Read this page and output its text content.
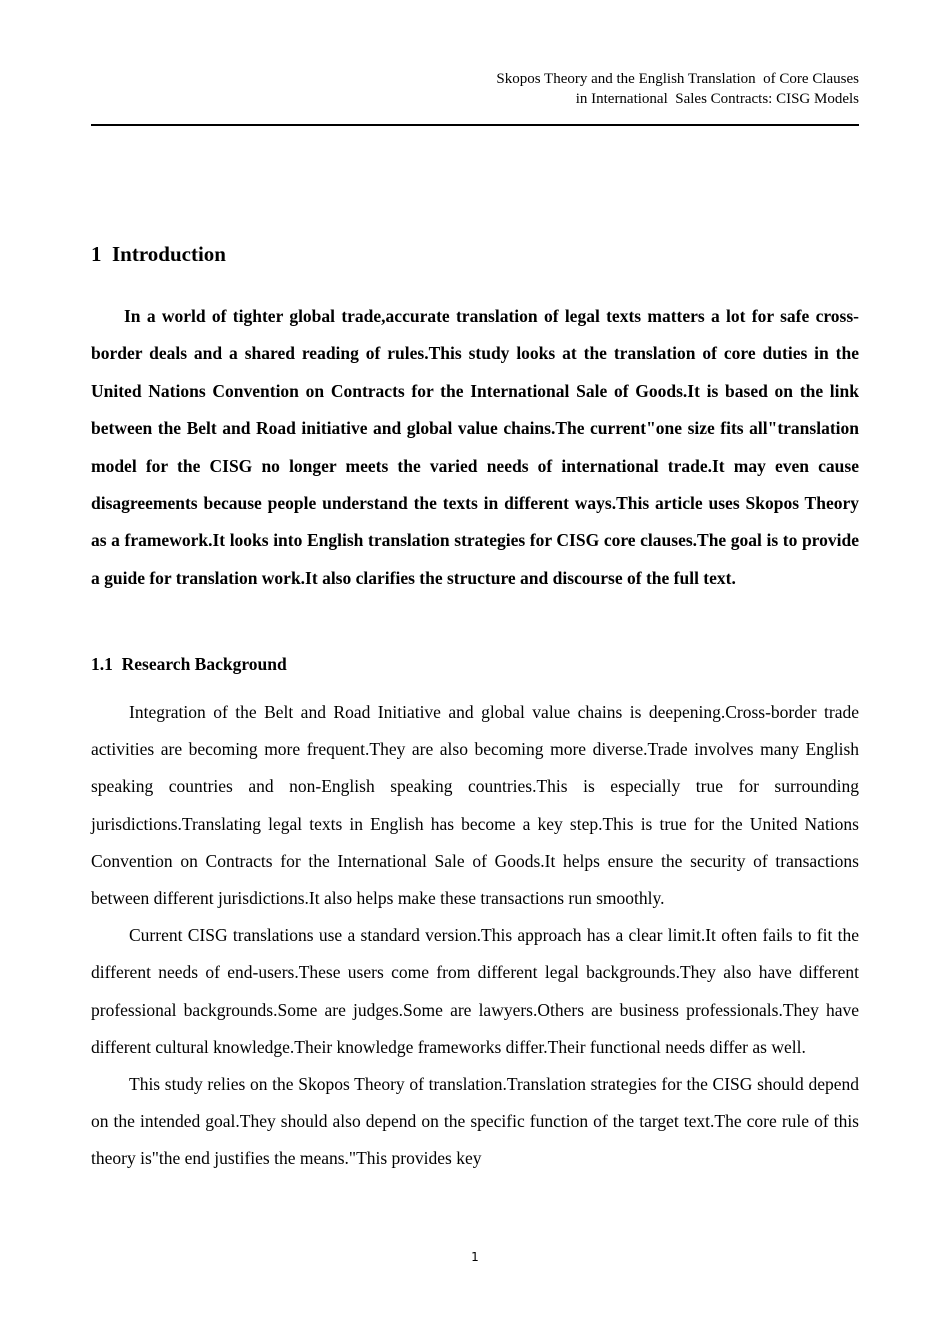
Skopos Theory and the English Translation  of Core Clauses
in International  Sales Contracts: CISG Models
1  Introduction

In a world of tighter global trade,accurate translation of legal texts matters a lot for safe cross-border deals and a shared reading of rules.This study looks at the translation of core duties in the United Nations Convention on Contracts for the International Sale of Goods.It is based on the link between the Belt and Road initiative and global value chains.The current"one size fits all"translation model for the CISG no longer meets the varied needs of international trade.It may even cause disagreements because people understand the texts in different ways.This article uses Skopos Theory as a framework.It looks into English translation strategies for CISG core clauses.The goal is to provide a guide for translation work.It also clarifies the structure and discourse of the full text.

1.1  Research Background

Integration of the Belt and Road Initiative and global value chains is deepening.Cross-border trade activities are becoming more frequent.They are also becoming more diverse.Trade involves many English speaking countries and non-English speaking countries.This is especially true for surrounding jurisdictions.Translating legal texts in English has become a key step.This is true for the United Nations Convention on Contracts for the International Sale of Goods.It helps ensure the security of transactions between different jurisdictions.It also helps make these transactions run smoothly.

Current CISG translations use a standard version.This approach has a clear limit.It often fails to fit the different needs of end-users.These users come from different legal backgrounds.They also have different professional backgrounds.Some are judges.Some are lawyers.Others are business professionals.They have different cultural knowledge.Their knowledge frameworks differ.Their functional needs differ as well.

This study relies on the Skopos Theory of translation.Translation strategies for the CISG should depend on the intended goal.They should also depend on the specific function of the target text.The core rule of this theory is"the end justifies the means."This provides key

1
